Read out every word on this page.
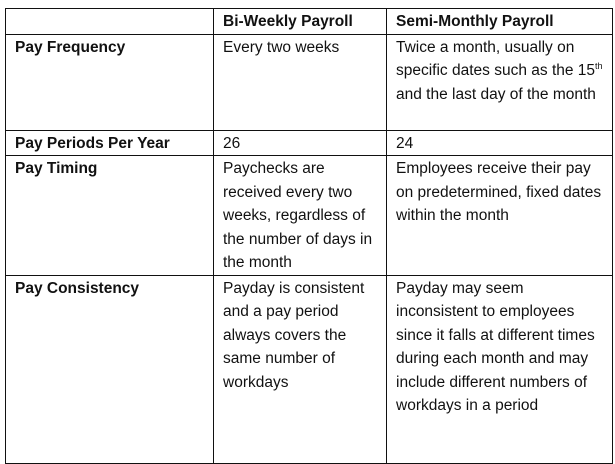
	Bi-Weekly Payroll	Semi-Monthly Payroll
Pay Frequency	Every two weeks	Twice a month, usually on specific dates such as the 15th and the last day of the month
Pay Periods Per Year	26	24
Pay Timing	Paychecks are received every two weeks, regardless of the number of days in the month	Employees receive their pay on predetermined, fixed dates within the month
Pay Consistency	Payday is consistent and a pay period always covers the same number of workdays	Payday may seem inconsistent to employees since it falls at different times during each month and may include different numbers of workdays in a period
